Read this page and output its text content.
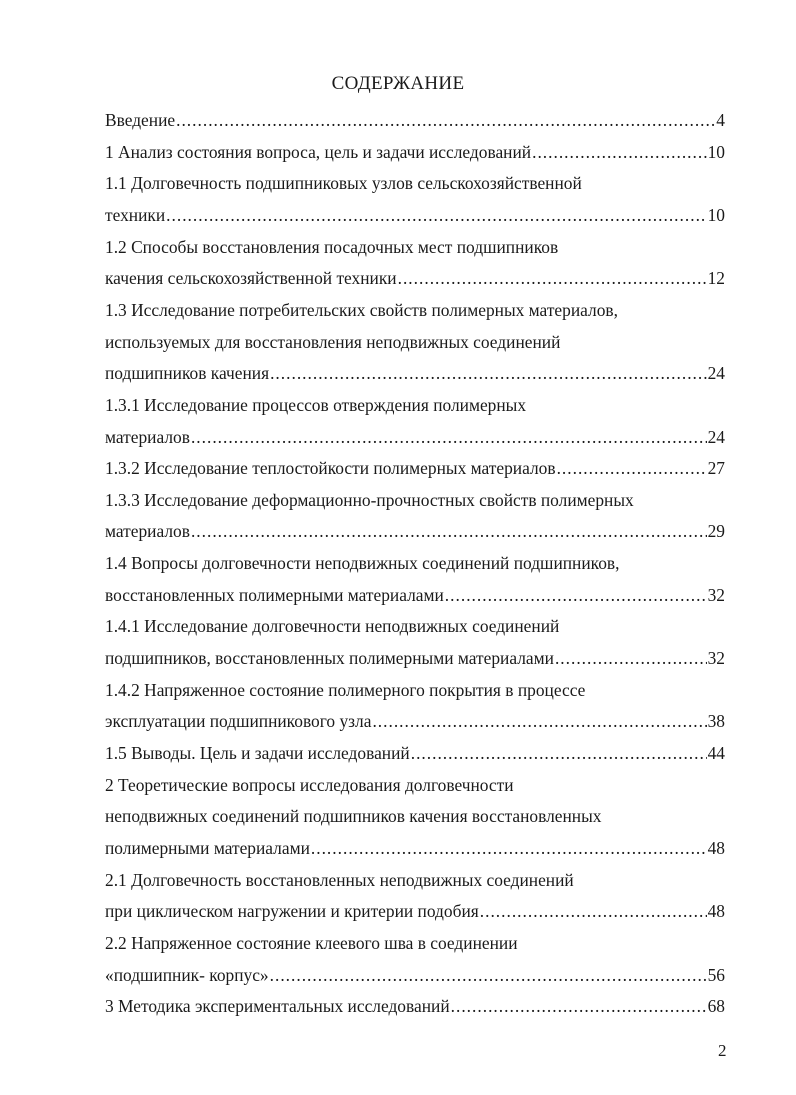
СОДЕРЖАНИЕ
Введение .....	4
1 Анализ состояния вопроса, цель и задачи исследований .....	10
1.1 Долговечность подшипниковых узлов сельскохозяйственной
техники .....	10
1.2 Способы восстановления посадочных мест подшипников
качения сельскохозяйственной техники .....	12
1.3 Исследование потребительских свойств полимерных материалов,
используемых для восстановления неподвижных соединений
подшипников качения .....	24
1.3.1 Исследование процессов отверждения полимерных
материалов .....	24
1.3.2 Исследование теплостойкости полимерных материалов .....	27
1.3.3 Исследование деформационно-прочностных свойств полимерных
материалов .....	29
1.4 Вопросы долговечности неподвижных соединений подшипников,
восстановленных полимерными материалами .....	32
1.4.1 Исследование долговечности неподвижных соединений
подшипников, восстановленных полимерными материалами .....	32
1.4.2 Напряженное состояние полимерного покрытия в процессе
эксплуатации подшипникового узла .....	38
1.5 Выводы. Цель и задачи исследований .....	44
2 Теоретические вопросы исследования долговечности
неподвижных соединений подшипников качения восстановленных
полимерными материалами .....	48
2.1 Долговечность восстановленных неподвижных соединений
при циклическом нагружении и критерии подобия .....	48
2.2 Напряженное состояние клеевого шва в соединении
«подшипник- корпус» .....	56
3 Методика экспериментальных исследований .....	68
2
